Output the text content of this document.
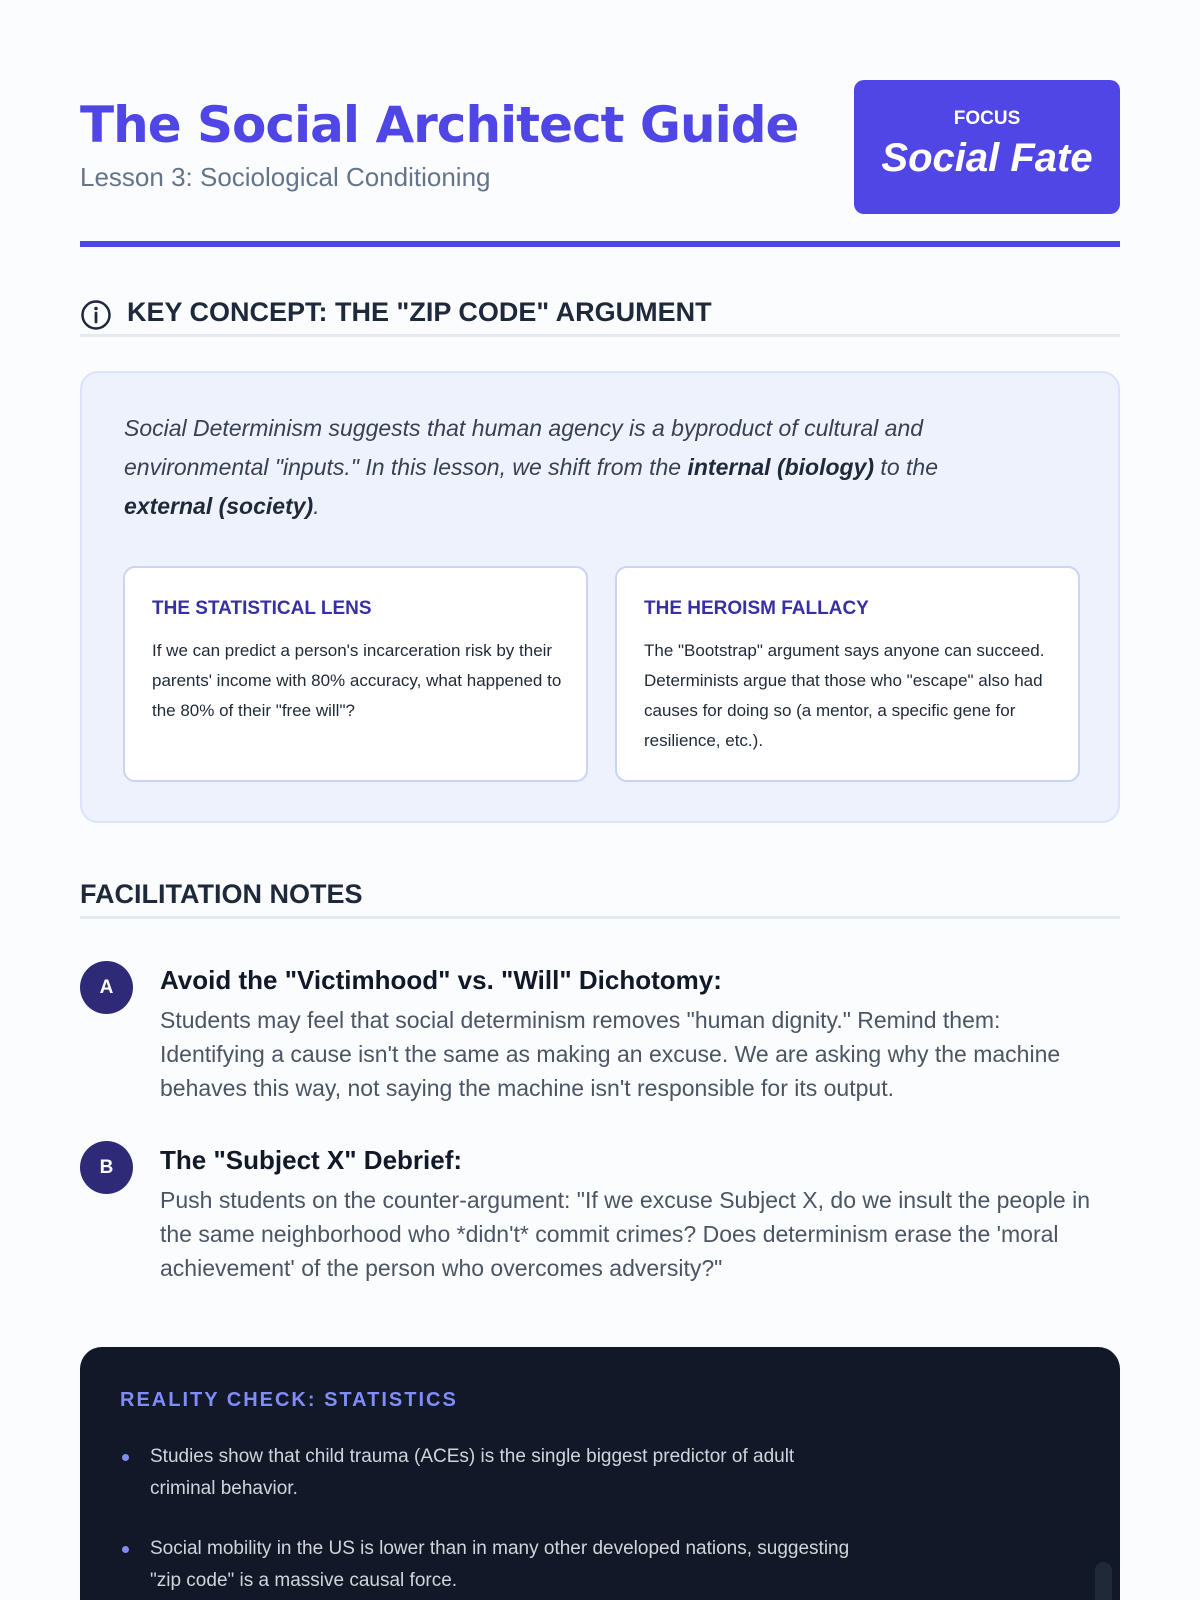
The Social Architect Guide
Lesson 3: Sociological Conditioning
FOCUS
Social Fate
KEY CONCEPT: THE "ZIP CODE" ARGUMENT

Social Determinism suggests that human agency is a byproduct of cultural and environmental "inputs." In this lesson, we shift from the internal (biology) to the external (society).

THE STATISTICAL LENS
If we can predict a person's incarceration risk by their parents' income with 80% accuracy, what happened to the 80% of their "free will"?
THE HEROISM FALLACY
The "Bootstrap" argument says anyone can succeed. Determinists argue that those who "escape" also had causes for doing so (a mentor, a specific gene for resilience, etc.).
FACILITATION NOTES
A	Avoid the "Victimhood" vs. "Will" Dichotomy:
Students may feel that social determinism removes "human dignity." Remind them: Identifying a cause isn't the same as making an excuse. We are asking why the machine behaves this way, not saying the machine isn't responsible for its output.
B	The "Subject X" Debrief:
Push students on the counter-argument: "If we excuse Subject X, do we insult the people in the same neighborhood who *didn't* commit crimes? Does determinism erase the 'moral achievement' of the person who overcomes adversity?"
REALITY CHECK: STATISTICS
Studies show that child trauma (ACEs) is the single biggest predictor of adult criminal behavior.
Social mobility in the US is lower than in many other developed nations, suggesting "zip code" is a massive causal force.
